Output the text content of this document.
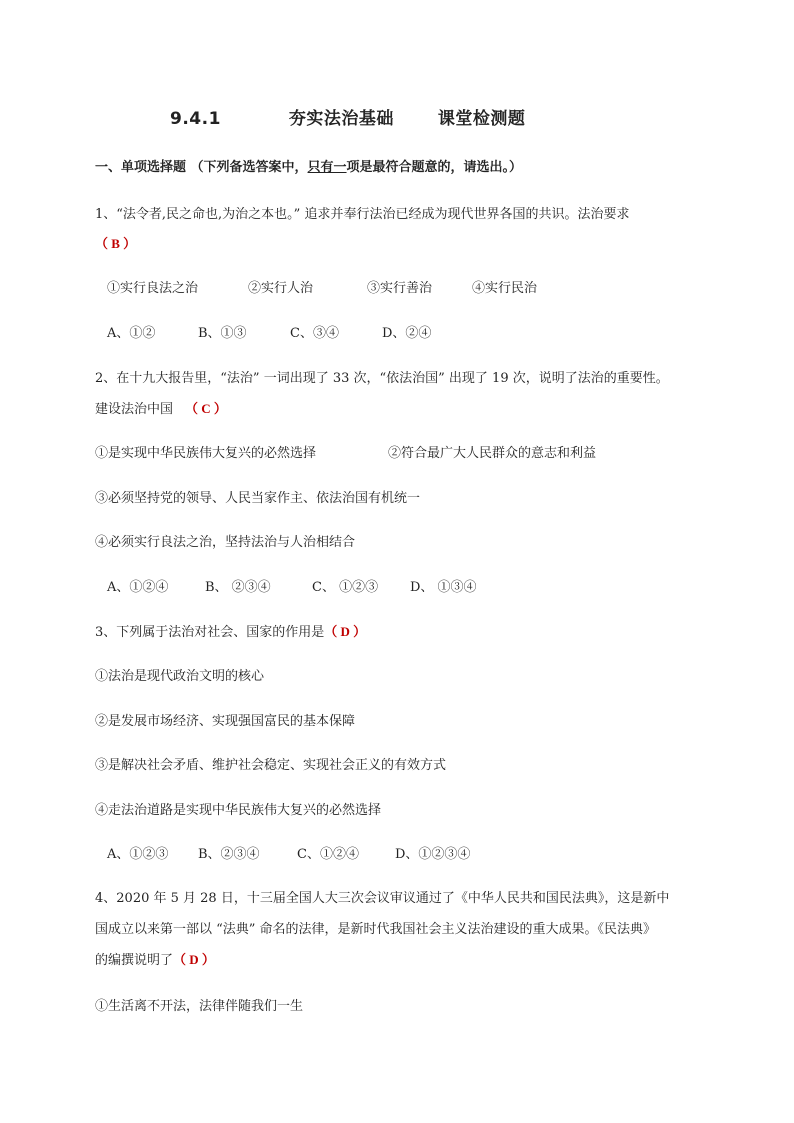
9.4.1	夯实法治基础	课堂检测题
一、单项选择题 （下列备选答案中，只有一项是最符合题意的，请选出。）
1、“法令者,民之命也,为治之本也。” 追求并奉行法治已经成为现代世界各国的共识。法治要求
（ B ）
①实行良法之治	②实行人治	③实行善治	④实行民治
A、①②	B、①③	C、③④	D、②④
2、在十九大报告里，“法治” 一词出现了 33 次，“依法治国” 出现了 19 次，说明了法治的重要性。
建设法治中国 （ C ）
①是实现中华民族伟大复兴的必然选择	②符合最广大人民群众的意志和利益
③必须坚持党的领导、人民当家作主、依法治国有机统一
④必须实行良法之治，坚持法治与人治相结合
A、①②④	B、 ②③④	C、 ①②③ D、 ①③④
3、下列属于法治对社会、国家的作用是（ D ）
①法治是现代政治文明的核心
②是发展市场经济、实现强国富民的基本保障
③是解决社会矛盾、维护社会稳定、实现社会正义的有效方式
④走法治道路是实现中华民族伟大复兴的必然选择
A、①②③ B、②③④	C、①②④	D、①②③④
4、2020 年 5 月 28 日，十三届全国人大三次会议审议通过了《中华人民共和国民法典》，这是新中
国成立以来第一部以 “法典” 命名的法律，是新时代我国社会主义法治建设的重大成果。《民法典》
的编撰说明了（ D ）
①生活离不开法，法律伴随我们一生
